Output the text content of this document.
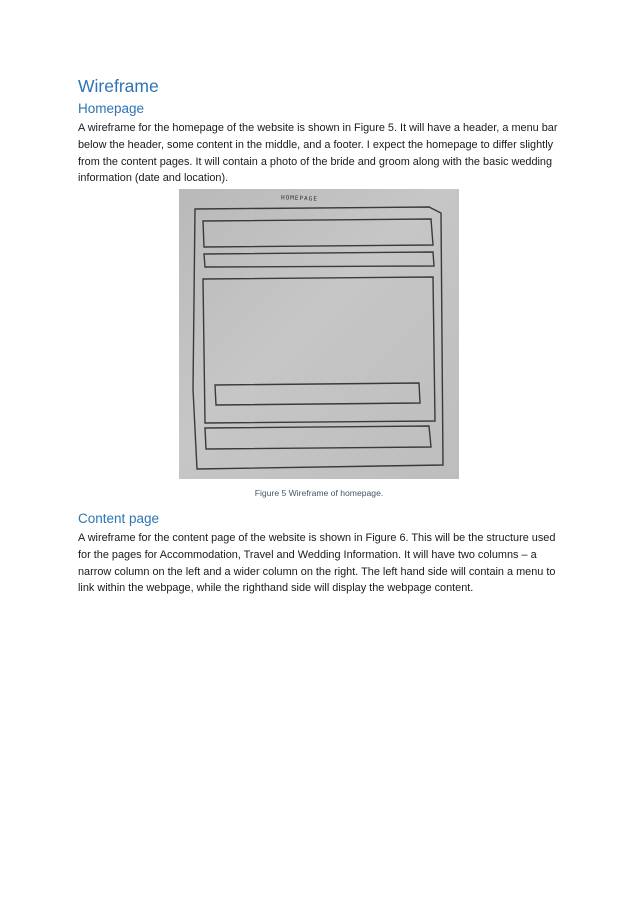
Wireframe
Homepage

A wireframe for the homepage of the website is shown in Figure 5. It will have a header, a menu bar below the header, some content in the middle, and a footer. I expect the homepage to differ slightly from the content pages. It will contain a photo of the bride and groom along with the basic wedding information (date and location).

HOMEPAGE
Figure 5 Wireframe of homepage.
Content page

A wireframe for the content page of the website is shown in Figure 6. This will be the structure used for the pages for Accommodation, Travel and Wedding Information. It will have two columns – a narrow column on the left and a wider column on the right. The left hand side will contain a menu to link within the webpage, while the righthand side will display the webpage content.
